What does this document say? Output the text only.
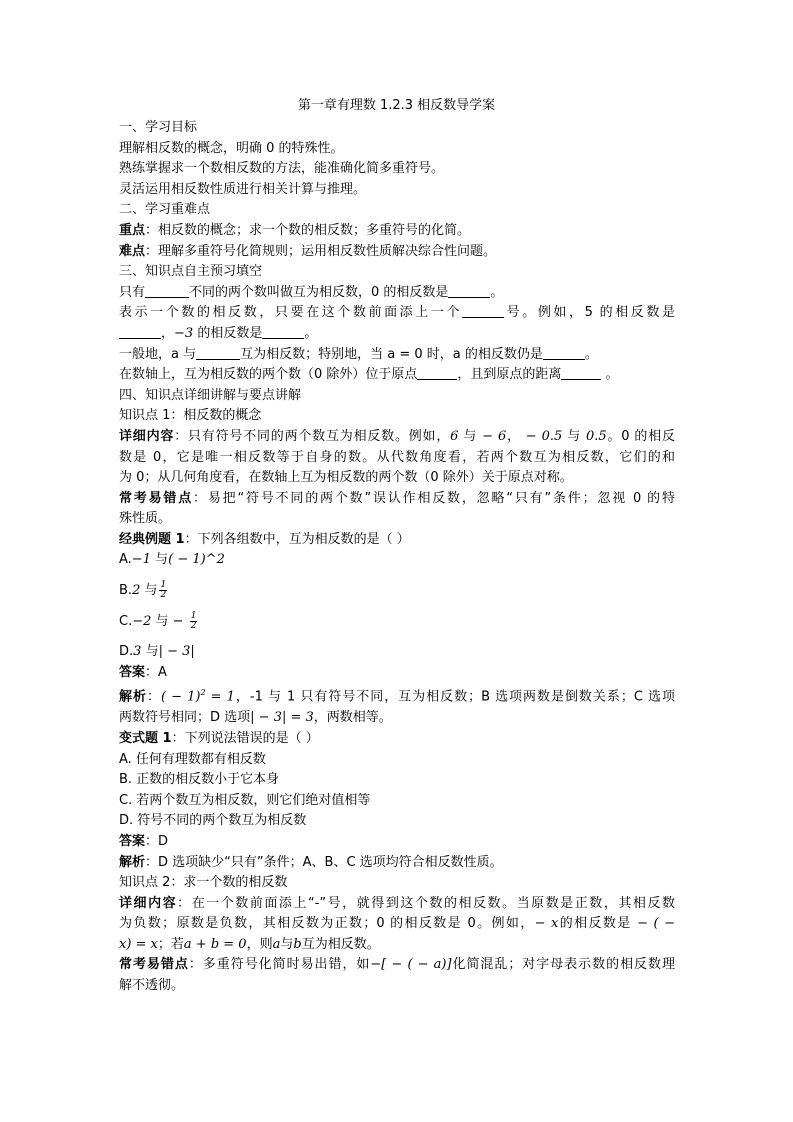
第一章有理数 1.2.3 相反数导学案
一、学习目标
理解相反数的概念，明确 0 的特殊性。
熟练掌握求一个数相反数的方法，能准确化简多重符号。
灵活运用相反数性质进行相关计算与推理。
二、学习重难点
重点：相反数的概念；求一个数的相反数；多重符号的化简。
难点：理解多重符号化简规则；运用相反数性质解决综合性问题。
三、知识点自主预习填空
只有	不同的两个数叫做互为相反数，0 的相反数是	。
表示一个数的相反数，只要在这个数前面添上一个	号。例如，5 的相反数是
，−3 的相反数是	。
一般地，a 与	互为相反数；特别地，当 a = 0 时，a 的相反数仍是	。
在数轴上，互为相反数的两个数（0 除外）位于原点	，且到原点的距离	。
四、知识点详细讲解与要点讲解
知识点 1：相反数的概念
详细内容：只有符号不同的两个数互为相反数。例如，6 与 − 6， − 0.5 与 0.5。0 的相反
数是 0，它是唯一相反数等于自身的数。从代数角度看，若两个数互为相反数，它们的和
为 0；从几何角度看，在数轴上互为相反数的两个数（0 除外）关于原点对称。
常考易错点：易把“符号不同的两个数”误认作相反数，忽略“只有”条件；忽视 0 的特
殊性质。
经典例题 1：下列各组数中，互为相反数的是（ ）
A.−1 与( − 1)^2
B.2 与 $\frac{1}{2}$
C.−2 与 − $\frac{1}{2}$
D.3 与| − 3|
答案：A
解析：( − 1)$^2$ = 1，-1 与 1 只有符号不同，互为相反数；B 选项两数是倒数关系；C 选项
两数符号相同；D 选项| − 3| = 3，两数相等。
变式题 1：下列说法错误的是（ ）
A. 任何有理数都有相反数
B. 正数的相反数小于它本身
C. 若两个数互为相反数，则它们绝对值相等
D. 符号不同的两个数互为相反数
答案：D
解析：D 选项缺少“只有”条件；A、B、C 选项均符合相反数性质。
知识点 2：求一个数的相反数
详细内容：在一个数前面添上“-”号，就得到这个数的相反数。当原数是正数，其相反数
为负数；原数是负数，其相反数为正数；0 的相反数是 0。例如，− x的相反数是 − ( −
x) = x；若a + b = 0，则a与b互为相反数。
常考易错点：多重符号化简时易出错，如−[ − ( − a)]化简混乱；对字母表示数的相反数理
解不透彻。
